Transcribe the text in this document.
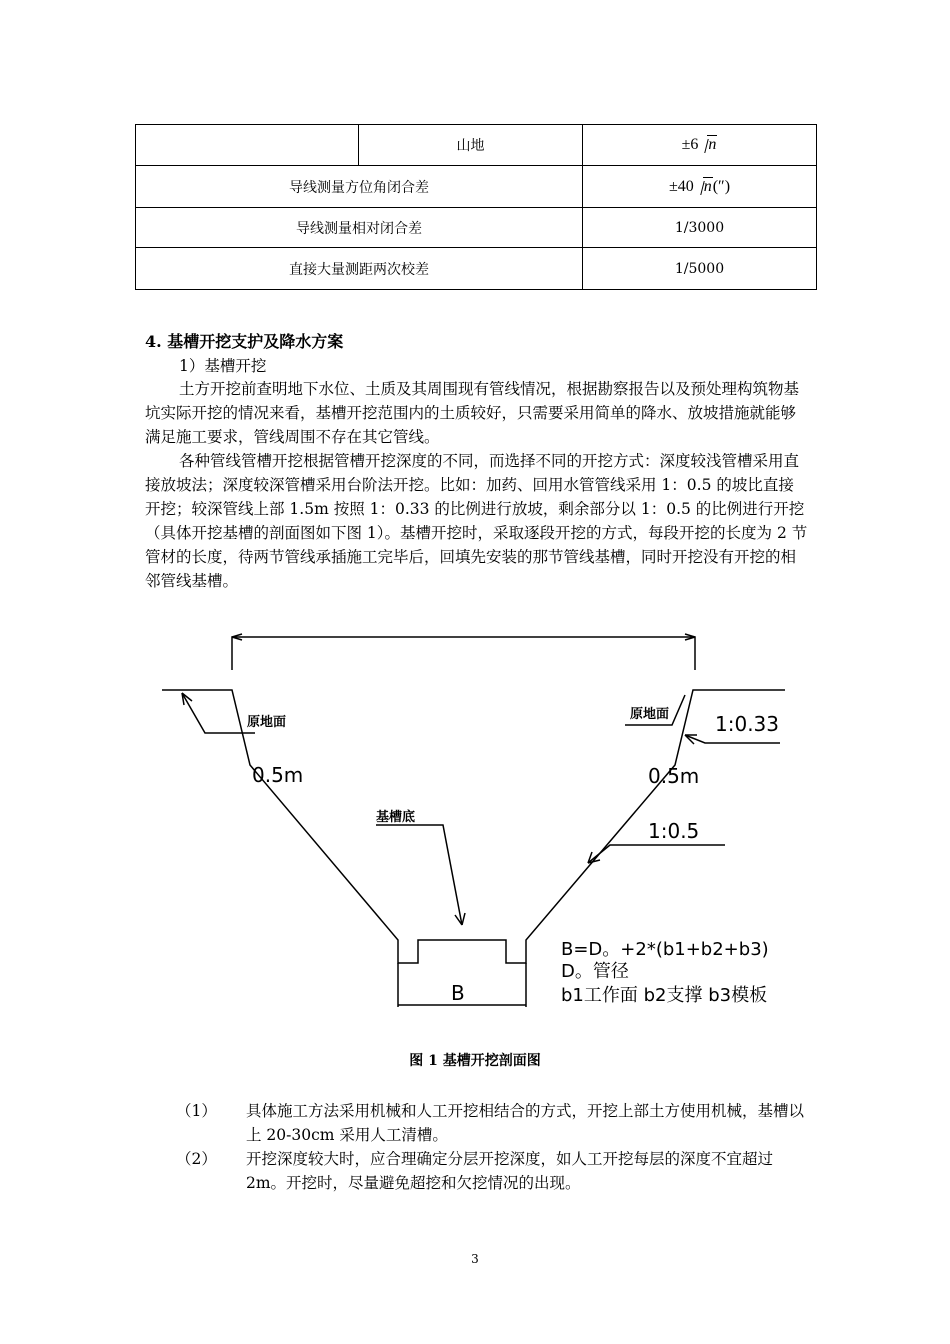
	山地	±6 n
导线测量方位角闭合差		±40 n(″)
导线测量相对闭合差		1/3000
直接大量测距两次校差		1/5000
4. 基槽开挖支护及降水方案
1）基槽开挖

土方开挖前查明地下水位、土质及其周围现有管线情况，根据勘察报告以及预处理构筑物基坑实际开挖的情况来看，基槽开挖范围内的土质较好，只需要采用简单的降水、放坡措施就能够满足施工要求，管线周围不存在其它管线。

各种管线管槽开挖根据管槽开挖深度的不同，而选择不同的开挖方式：深度较浅管槽采用直接放坡法；深度较深管槽采用台阶法开挖。比如：加药、回用水管管线采用 1：0.5 的坡比直接开挖；较深管线上部 1.5m 按照 1：0.33 的比例进行放坡，剩余部分以 1：0.5 的比例进行开挖（具体开挖基槽的剖面图如下图 1）。基槽开挖时，采取逐段开挖的方式，每段开挖的长度为 2 节管材的长度，待两节管线承插施工完毕后，回填先安装的那节管线基槽，同时开挖没有开挖的相邻管线基槽。

原地面
原地面 1:0.33
0.5m
0.5m
1:0.5
基槽底
B
B=D。+2*(b1+b2+b3)
D。管径
b1工作面 b2支撑 b3模板
图 1 基槽开挖剖面图
（1）	具体施工方法采用机械和人工开挖相结合的方式，开挖上部土方使用机械，基槽以上 20-30cm 采用人工清槽。
（2）	开挖深度较大时，应合理确定分层开挖深度，如人工开挖每层的深度不宜超过 2m。开挖时，尽量避免超挖和欠挖情况的出现。
3
